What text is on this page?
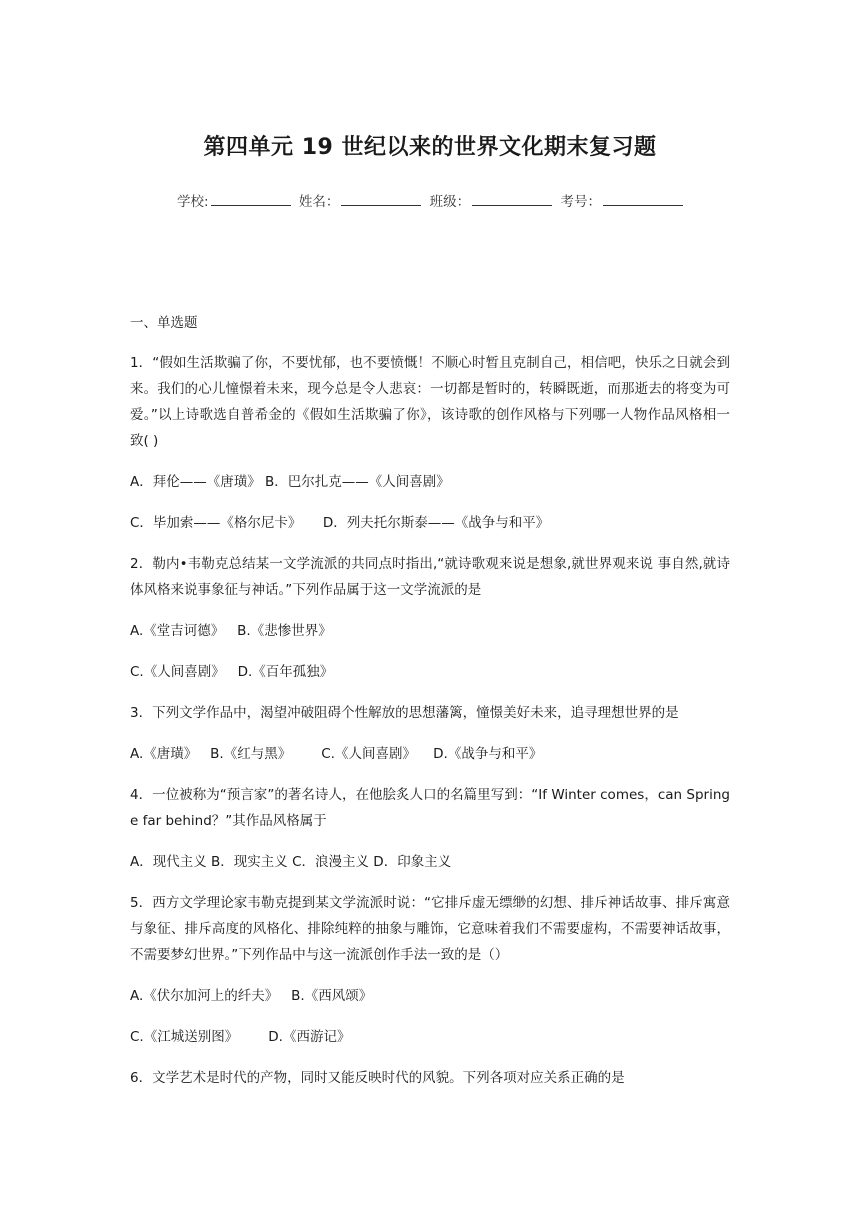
第四单元 19 世纪以来的世界文化期末复习题
学校:	姓名：	班级：	考号：
一、单选题

1．“假如生活欺骗了你，不要忧郁，也不要愤慨！不顺心时暂且克制自己，相信吧，快乐之日就会到来。我们的心儿憧憬着未来，现今总是令人悲哀：一切都是暂时的，转瞬既逝，而那逝去的将变为可爱。”以上诗歌选自普希金的《假如生活欺骗了你》，该诗歌的创作风格与下列哪一人物作品风格相一致( )

A．拜伦——《唐璜》 B．巴尔扎克——《人间喜剧》

C．毕加索——《格尔尼卡》     D．列夫托尔斯泰——《战争与和平》

2．勒内•韦勒克总结某一文学流派的共同点时指出,“就诗歌观来说是想象,就世界观来说 事自然,就诗体风格来说事象征与神话。”下列作品属于这一文学流派的是

A.《堂吉诃德》   B.《悲惨世界》

C.《人间喜剧》   D.《百年孤独》

3．下列文学作品中，渴望冲破阻碍个性解放的思想藩篱，憧憬美好未来，追寻理想世界的是

A.《唐璜》   B.《红与黑》       C.《人间喜剧》    D.《战争与和平》

4．一位被称为“预言家”的著名诗人，在他脍炙人口的名篇里写到：“If Winter comes，can Spring e far behind？”其作品风格属于

A．现代主义 B．现实主义 C．浪漫主义 D．印象主义

5．西方文学理论家韦勒克提到某文学流派时说：“它排斥虚无缥缈的幻想、排斥神话故事、排斥寓意与象征、排斥高度的风格化、排除纯粹的抽象与雕饰，它意味着我们不需要虚构，不需要神话故事，不需要梦幻世界。”下列作品中与这一流派创作手法一致的是（）

A.《伏尔加河上的纤夫》   B.《西风颂》

C.《江城送别图》       D.《西游记》

6．文学艺术是时代的产物，同时又能反映时代的风貌。下列各项对应关系正确的是
